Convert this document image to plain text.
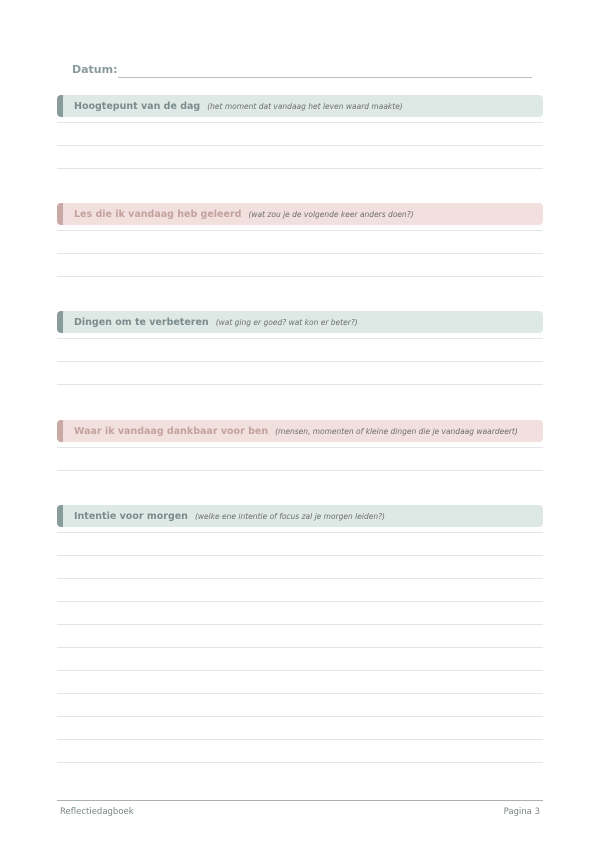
Datum:
Hoogtepunt van de dag (het moment dat vandaag het leven waard maakte)
Les die ik vandaag heb geleerd (wat zou je de volgende keer anders doen?)
Dingen om te verbeteren (wat ging er goed? wat kon er beter?)
Waar ik vandaag dankbaar voor ben (mensen, momenten of kleine dingen die je vandaag waardeert)
Intentie voor morgen (welke ene intentie of focus zal je morgen leiden?)
Reflectiedagboek	Pagina 3
